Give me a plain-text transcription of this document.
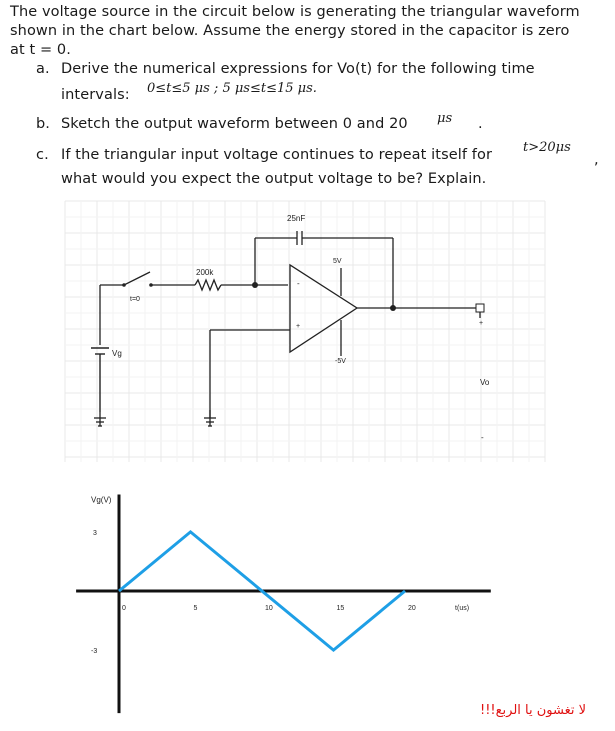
The voltage source in the circuit below is generating the triangular waveform
shown in the chart below. Assume the energy stored in the capacitor is zero
at t = 0.
a. Derive the numerical expressions for Vo(t) for the following time
intervals: 0≤t≤5 μs ; 5 μs≤t≤15 μs.
b. Sketch the output waveform between 0 and 20 μs .
c. If the triangular input voltage continues to repeat itself for t>20μs
,
what would you expect the output voltage to be? Explain.
25nF
200k
t=0
Vg
5V
-5V
-
+	+
Vo
-
0	5	10	15	20
3
-3
Vg(V)
t(us)
لا تغشون يا الربع!!!
